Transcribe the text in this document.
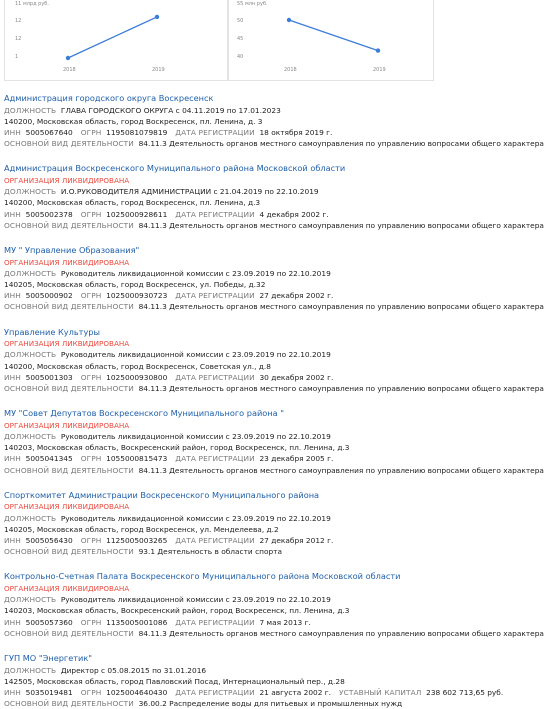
11 млрд руб.
12
12
1
2018	2019
55 млн руб.
50
45
40
2018	2019
Администрация городского округа Воскресенск
ДОЛЖНОСТЬ ГЛАВА ГОРОДСКОГО ОКРУГА с 04.11.2019 по 17.01.2023
140200, Московская область, город Воскресенск, пл. Ленина, д. 3
ИНН 5005067640 ОГРН 1195081079819 ДАТА РЕГИСТРАЦИИ 18 октября 2019 г.
ОСНОВНОЙ ВИД ДЕЯТЕЛЬНОСТИ 84.11.3 Деятельность органов местного самоуправления по управлению вопросами общего характера
Администрация Воскресенского Муниципального района Московской области
ОРГАНИЗАЦИЯ ЛИКВИДИРОВАНА
ДОЛЖНОСТЬ И.О.РУКОВОДИТЕЛЯ АДМИНИСТРАЦИИ с 21.04.2019 по 22.10.2019
140200, Московская область, город Воскресенск, пл. Ленина, д.3
ИНН 5005002378 ОГРН 1025000928611 ДАТА РЕГИСТРАЦИИ 4 декабря 2002 г.
ОСНОВНОЙ ВИД ДЕЯТЕЛЬНОСТИ 84.11.3 Деятельность органов местного самоуправления по управлению вопросами общего характера
МУ " Управление Образования"
ОРГАНИЗАЦИЯ ЛИКВИДИРОВАНА
ДОЛЖНОСТЬ Руководитель ликвидационной комиссии с 23.09.2019 по 22.10.2019
140205, Московская область, город Воскресенск, ул. Победы, д.32
ИНН 5005000902 ОГРН 1025000930723 ДАТА РЕГИСТРАЦИИ 27 декабря 2002 г.
ОСНОВНОЙ ВИД ДЕЯТЕЛЬНОСТИ 84.11.3 Деятельность органов местного самоуправления по управлению вопросами общего характера
Управление Культуры
ОРГАНИЗАЦИЯ ЛИКВИДИРОВАНА
ДОЛЖНОСТЬ Руководитель ликвидационной комиссии с 23.09.2019 по 22.10.2019
140200, Московская область, город Воскресенск, Советская ул., д.8
ИНН 5005001303 ОГРН 1025000930800 ДАТА РЕГИСТРАЦИИ 30 декабря 2002 г.
ОСНОВНОЙ ВИД ДЕЯТЕЛЬНОСТИ 84.11.3 Деятельность органов местного самоуправления по управлению вопросами общего характера
МУ "Совет Депутатов Воскресенского Муниципального района "
ОРГАНИЗАЦИЯ ЛИКВИДИРОВАНА
ДОЛЖНОСТЬ Руководитель ликвидационной комиссии с 23.09.2019 по 22.10.2019
140203, Московская область, Воскресенский район, город Воскресенск, пл. Ленина, д.3
ИНН 5005041345 ОГРН 1055000815473 ДАТА РЕГИСТРАЦИИ 23 декабря 2005 г.
ОСНОВНОЙ ВИД ДЕЯТЕЛЬНОСТИ 84.11.3 Деятельность органов местного самоуправления по управлению вопросами общего характера
Спорткомитет Администрации Воскресенского Муниципального района
ОРГАНИЗАЦИЯ ЛИКВИДИРОВАНА
ДОЛЖНОСТЬ Руководитель ликвидационной комиссии с 23.09.2019 по 22.10.2019
140205, Московская область, город Воскресенск, ул. Менделеева, д.2
ИНН 5005056430 ОГРН 1125005003265 ДАТА РЕГИСТРАЦИИ 27 декабря 2012 г.
ОСНОВНОЙ ВИД ДЕЯТЕЛЬНОСТИ 93.1 Деятельность в области спорта
Контрольно-Счетная Палата Воскресенского Муниципального района Московской области
ОРГАНИЗАЦИЯ ЛИКВИДИРОВАНА
ДОЛЖНОСТЬ Руководитель ликвидационной комиссии с 23.09.2019 по 22.10.2019
140203, Московская область, Воскресенский район, город Воскресенск, пл. Ленина, д.3
ИНН 5005057360 ОГРН 1135005001086 ДАТА РЕГИСТРАЦИИ 7 мая 2013 г.
ОСНОВНОЙ ВИД ДЕЯТЕЛЬНОСТИ 84.11.3 Деятельность органов местного самоуправления по управлению вопросами общего характера
ГУП МО "Энергетик"
ДОЛЖНОСТЬ Директор с 05.08.2015 по 31.01.2016
142505, Московская область, город Павловский Посад, Интернациональный пер., д.28
ИНН 5035019481 ОГРН 1025004640430 ДАТА РЕГИСТРАЦИИ 21 августа 2002 г. УСТАВНЫЙ КАПИТАЛ 238 602 713,65 руб.
ОСНОВНОЙ ВИД ДЕЯТЕЛЬНОСТИ 36.00.2 Распределение воды для питьевых и промышленных нужд
